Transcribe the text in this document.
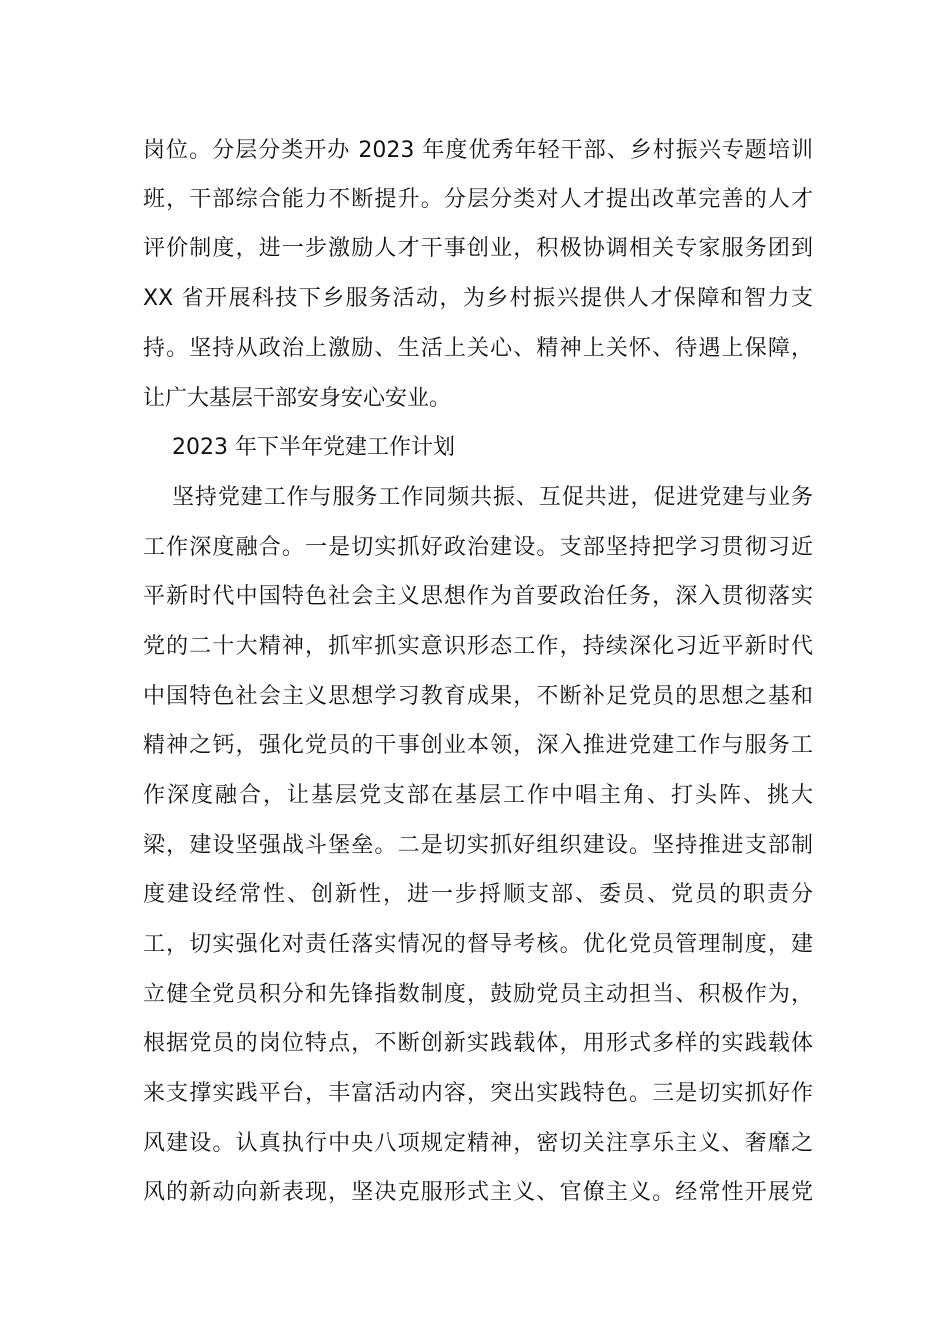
岗位。分层分类开办 2023 年度优秀年轻干部、乡村振兴专题培训
班，干部综合能力不断提升。分层分类对人才提出改革完善的人才
评价制度，进一步激励人才干事创业，积极协调相关专家服务团到
XX 省开展科技下乡服务活动，为乡村振兴提供人才保障和智力支
持。坚持从政治上激励、生活上关心、精神上关怀、待遇上保障，
让广大基层干部安身安心安业。
2023 年下半年党建工作计划
坚持党建工作与服务工作同频共振、互促共进，促进党建与业务
工作深度融合。一是切实抓好政治建设。支部坚持把学习贯彻习近
平新时代中国特色社会主义思想作为首要政治任务，深入贯彻落实
党的二十大精神，抓牢抓实意识形态工作，持续深化习近平新时代
中国特色社会主义思想学习教育成果，不断补足党员的思想之基和
精神之钙，强化党员的干事创业本领，深入推进党建工作与服务工
作深度融合，让基层党支部在基层工作中唱主角、打头阵、挑大
梁，建设坚强战斗堡垒。二是切实抓好组织建设。坚持推进支部制
度建设经常性、创新性，进一步捋顺支部、委员、党员的职责分
工，切实强化对责任落实情况的督导考核。优化党员管理制度，建
立健全党员积分和先锋指数制度，鼓励党员主动担当、积极作为，
根据党员的岗位特点，不断创新实践载体，用形式多样的实践载体
来支撑实践平台，丰富活动内容，突出实践特色。三是切实抓好作
风建设。认真执行中央八项规定精神，密切关注享乐主义、奢靡之
风的新动向新表现，坚决克服形式主义、官僚主义。经常性开展党
